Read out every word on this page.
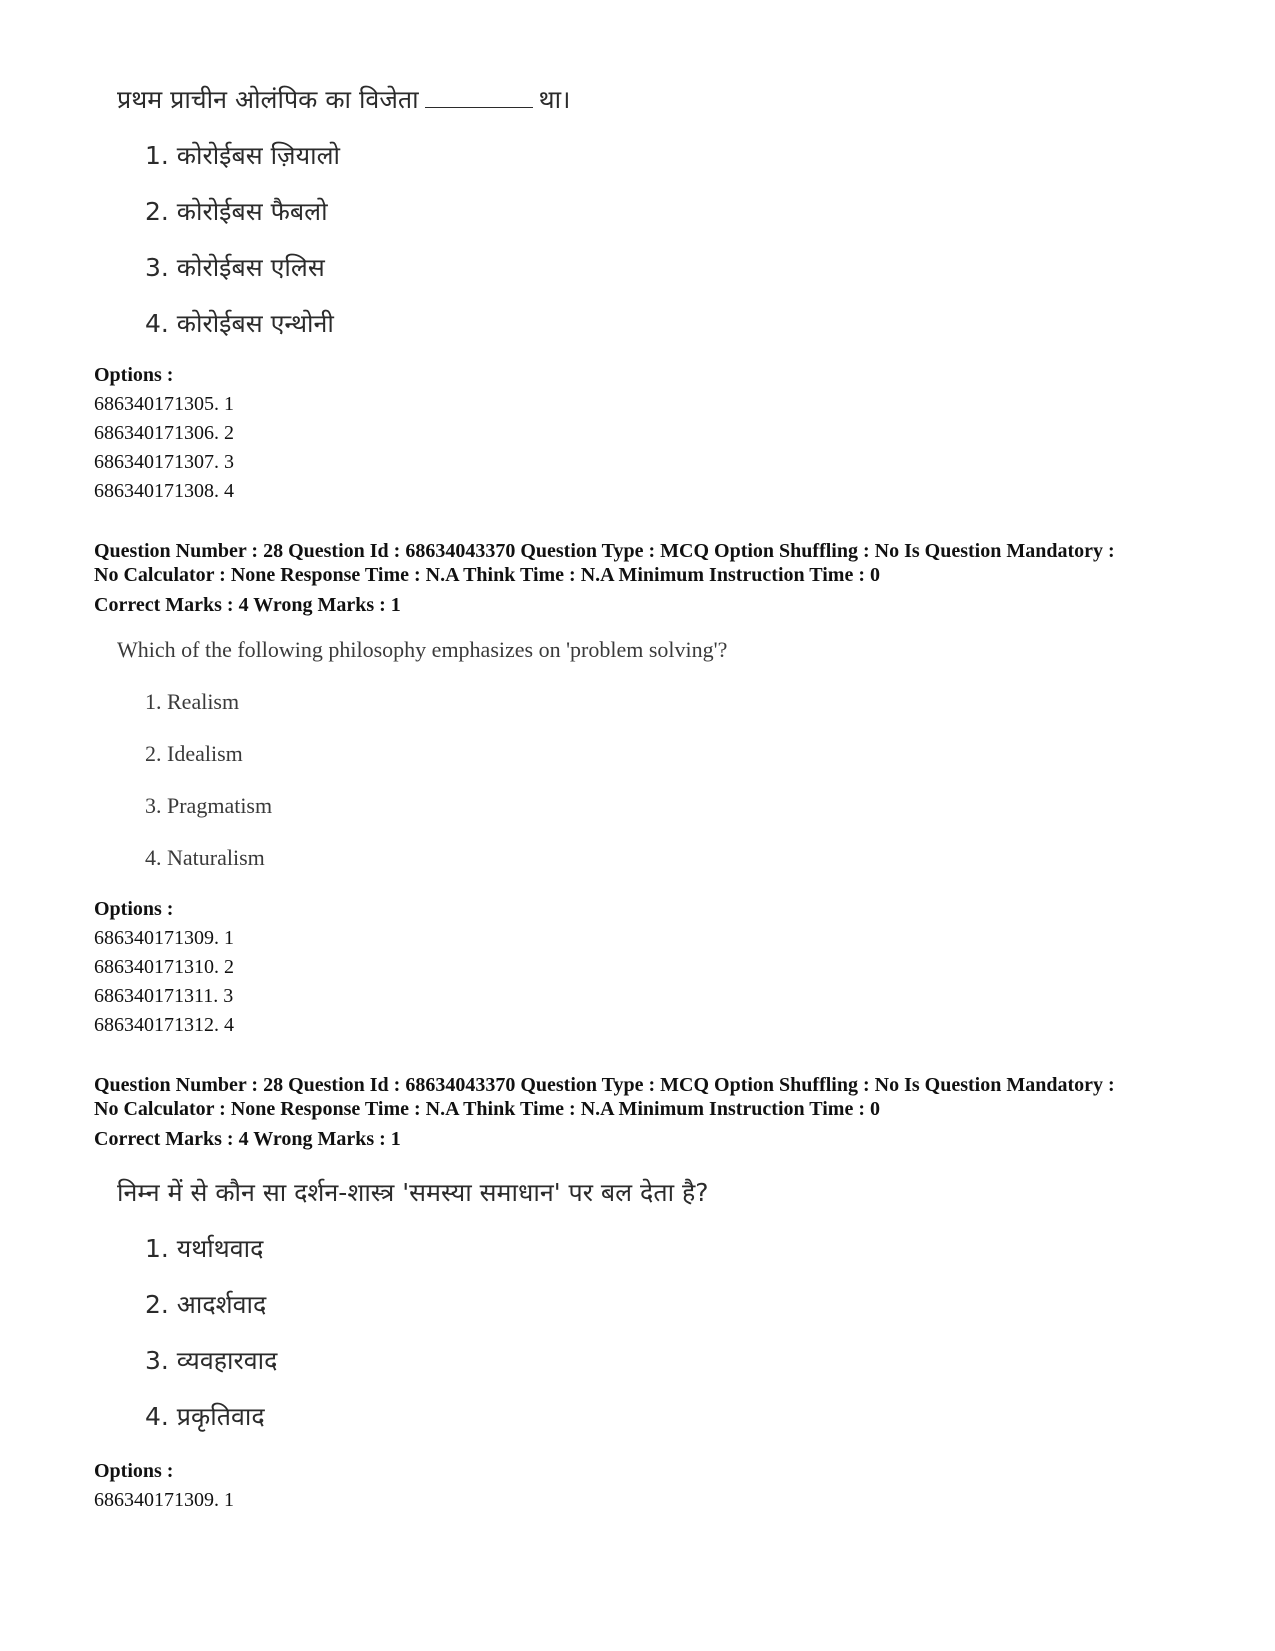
प्रथम प्राचीन ओलंपिक का विजेता	था।
1. कोरोईबस ज़ियालो
2. कोरोईबस फैबलो
3. कोरोईबस एलिस
4. कोरोईबस एन्थोनी
Options :
686340171305. 1
686340171306. 2
686340171307. 3
686340171308. 4
Question Number : 28 Question Id : 68634043370 Question Type : MCQ Option Shuffling : No Is Question Mandatory :
No Calculator : None Response Time : N.A Think Time : N.A Minimum Instruction Time : 0
Correct Marks : 4 Wrong Marks : 1
Which of the following philosophy emphasizes on 'problem solving'?
1. Realism
2. Idealism
3. Pragmatism
4. Naturalism
Options :
686340171309. 1
686340171310. 2
686340171311. 3
686340171312. 4
Question Number : 28 Question Id : 68634043370 Question Type : MCQ Option Shuffling : No Is Question Mandatory :
No Calculator : None Response Time : N.A Think Time : N.A Minimum Instruction Time : 0
Correct Marks : 4 Wrong Marks : 1
निम्न में से कौन सा दर्शन-शास्त्र 'समस्या समाधान' पर बल देता है?
1. यर्थाथवाद
2. आदर्शवाद
3. व्यवहारवाद
4. प्रकृतिवाद
Options :
686340171309. 1
